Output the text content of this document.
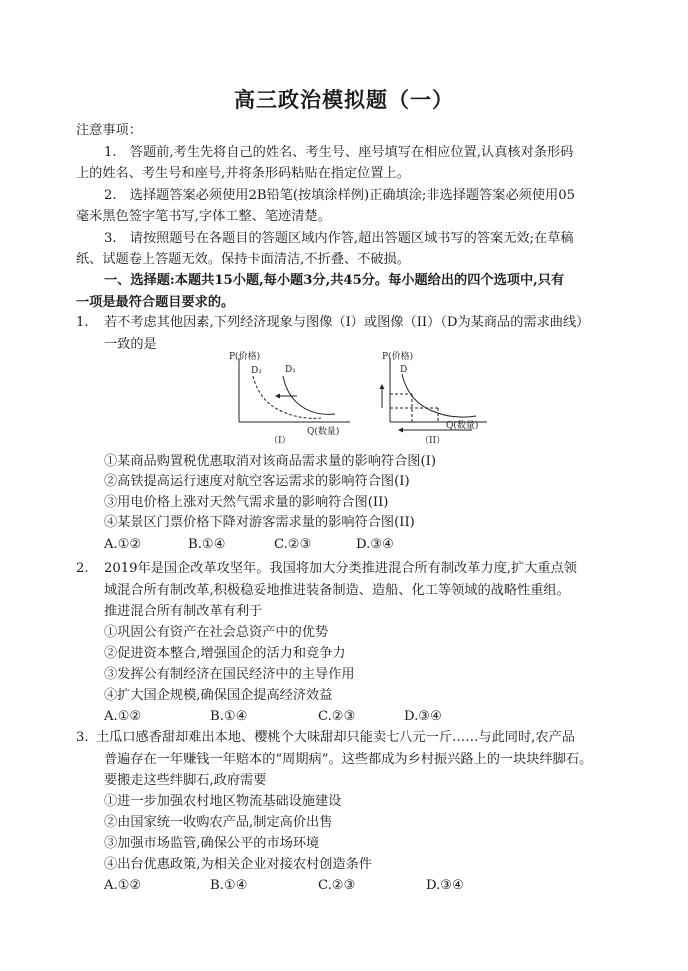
高三政治模拟题（一）
注意事项：
1.　答题前,考生先将自己的姓名、考生号、座号填写在相应位置,认真核对条形码
上的姓名、考生号和座号,并将条形码粘贴在指定位置上。
2.　选择题答案必须使用2B铅笔(按填涂样例)正确填涂;非选择题答案必须使用05
毫米黑色签字笔书写,字体工整、笔迹清楚。
3.　请按照题号在各题目的答题区域内作答,超出答题区域书写的答案无效;在草稿
纸、试题卷上答题无效。保持卡面清洁,不折叠、不破损。
一、选择题:本题共15小题,每小题3分,共45分。每小题给出的四个选项中,只有
一项是最符合题目要求的。
1. 若不考虑其他因素,下列经济现象与图像（I）或图像（II）（D为某商品的需求曲线）
一致的是
P(价格)
D₂	D₁
Q(数量)
（I）
P(价格)
D
Q(数量)
（II）
①某商品购置税优惠取消对该商品需求量的影响符合图(I)
②高铁提高运行速度对航空客运需求的影响符合图(I)
③用电价格上涨对天然气需求量的影响符合图(II)
④某景区门票价格下降对游客需求量的影响符合图(II)
A.①②	B.①④	C.②③	D.③④
2. 2019年是国企改革攻坚年。我国将加大分类推进混合所有制改革力度,扩大重点领
域混合所有制改革,积极稳妥地推进装备制造、造船、化工等领域的战略性重组。
推进混合所有制改革有利于
①巩固公有资产在社会总资产中的优势
②促进资本整合,增强国企的活力和竞争力
③发挥公有制经济在国民经济中的主导作用
④扩大国企规模,确保国企提高经济效益
A.①②	B.①④	C.②③	D.③④
3. 土瓜口感香甜却难出本地、樱桃个大味甜却只能卖七八元一斤……与此同时,农产品
普遍存在一年赚钱一年赔本的“周期病”。这些都成为乡村振兴路上的一块块绊脚石。
要搬走这些绊脚石,政府需要
①进一步加强农村地区物流基础设施建设
②由国家统一收购农产品,制定高价出售
③加强市场监管,确保公平的市场环境
④出台优惠政策,为相关企业对接农村创造条件
A.①②	B.①④	C.②③	D.③④
